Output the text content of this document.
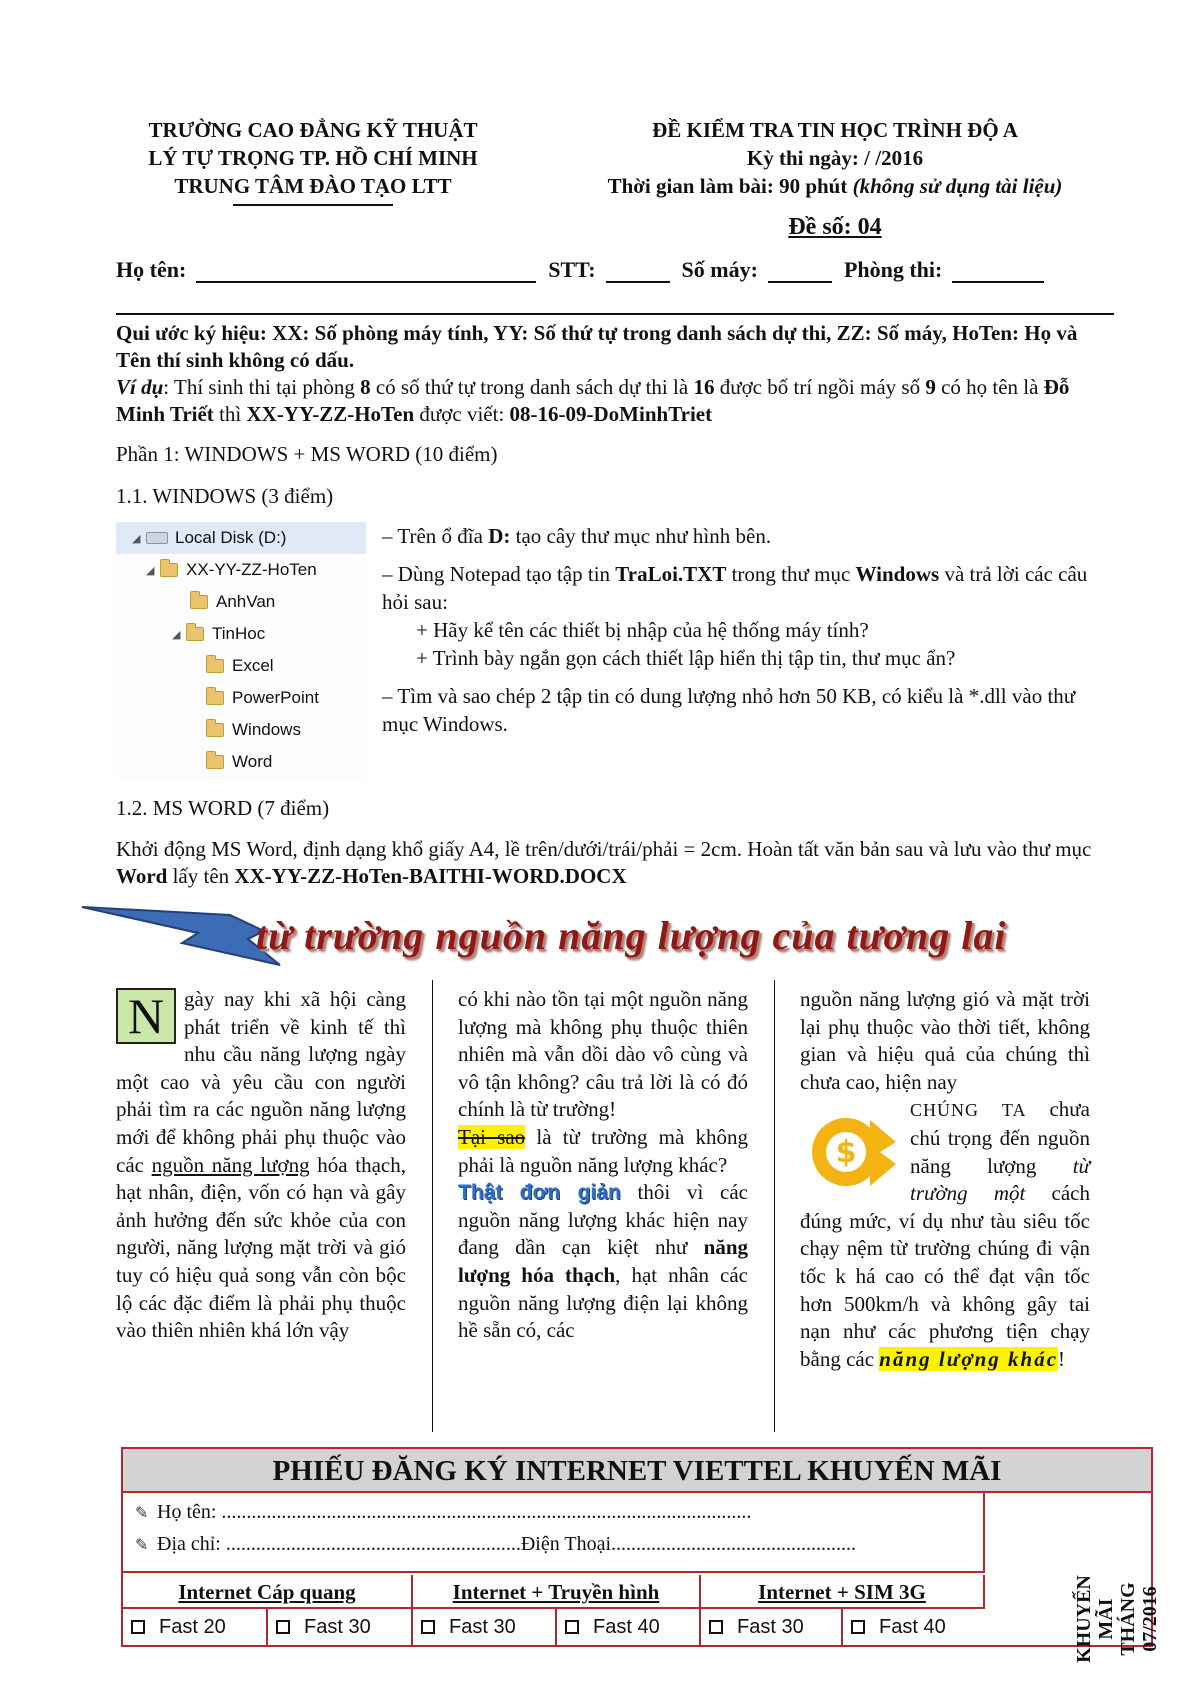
TRƯỜNG CAO ĐẲNG KỸ THUẬT
LÝ TỰ TRỌNG TP. HỒ CHÍ MINH
TRUNG TÂM ĐÀO TẠO LTT
ĐỀ KIỂM TRA TIN HỌC TRÌNH ĐỘ A
Kỳ thi ngày: / /2016
Thời gian làm bài: 90 phút (không sử dụng tài liệu)
Đề số: 04
Họ tên:	STT:	Số máy:	Phòng thi:
Qui ước ký hiệu: XX: Số phòng máy tính, YY: Số thứ tự trong danh sách dự thi, ZZ: Số máy, HoTen: Họ và Tên thí sinh không có dấu.
Ví dụ: Thí sinh thi tại phòng 8 có số thứ tự trong danh sách dự thi là 16 được bố trí ngồi máy số 9 có họ tên là Đỗ Minh Triết thì XX-YY-ZZ-HoTen được viết: 08-16-09-DoMinhTriet
Phần 1: WINDOWS + MS WORD (10 điểm)
1.1. WINDOWS (3 điểm)
◢	Local Disk (D:)
◢	XX-YY-ZZ-HoTen
AnhVan
◢	TinHoc
Excel
PowerPoint
Windows
Word

– Trên ổ đĩa D: tạo cây thư mục như hình bên.

– Dùng Notepad tạo tập tin TraLoi.TXT trong thư mục Windows và trả lời các câu hỏi sau:

+ Hãy kể tên các thiết bị nhập của hệ thống máy tính?

+ Trình bày ngắn gọn cách thiết lập hiển thị tập tin, thư mục ẩn?

– Tìm và sao chép 2 tập tin có dung lượng nhỏ hơn 50 KB, có kiểu là *.dll vào thư mục Windows.

1.2. MS WORD (7 điểm)
Khởi động MS Word, định dạng khổ giấy A4, lề trên/dưới/trái/phải = 2cm. Hoàn tất văn bản sau và lưu vào thư mục Word lấy tên XX-YY-ZZ-HoTen-BAITHI-WORD.DOCX
từ trường nguồn năng lượng của tương lai
N gày nay khi xã hội càng phát triển về kinh tế thì nhu cầu năng lượng ngày một cao và yêu cầu con người phải tìm ra các nguồn năng lượng mới để không phải phụ thuộc vào các nguồn năng lượng hóa thạch, hạt nhân, điện, vốn có hạn và gây ảnh hưởng đến sức khỏe của con người, năng lượng mặt trời và gió tuy có hiệu quả song vẫn còn bộc lộ các đặc điểm là phải phụ thuộc vào thiên nhiên khá lớn vậy
có khi nào tồn tại một nguồn năng lượng mà không phụ thuộc thiên nhiên mà vẫn dồi dào vô cùng và vô tận không? câu trả lời là có đó chính là từ trường!
Tại sao là từ trường mà không phải là nguồn năng lượng khác?
Thật đơn giản thôi vì các nguồn năng lượng khác hiện nay đang dần cạn kiệt như năng lượng hóa thạch, hạt nhân các nguồn năng lượng điện lại không hề sẵn có, các
nguồn năng lượng gió và mặt trời lại phụ thuộc vào thời tiết, không gian và hiệu quả của chúng thì chưa cao, hiện nay

$
CHÚNG TA chưa chú trọng đến nguồn năng lượng từ trường một cách đúng mức, ví dụ như tàu siêu tốc chạy nệm từ trường chúng đi vận tốc k há cao có thể đạt vận tốc hơn 500km/h và không gây tai nạn như các phương tiện chạy bằng các năng lượng khác!
PHIẾU ĐĂNG KÝ INTERNET VIETTEL KHUYẾN MÃI
✎ Họ tên: ..........................................................................................................
✎ Địa chỉ: ...........................................................Điện Thoại.................................................
KHUYẾN MÃI THÁNG 07/2016
Internet Cáp quang	Internet + Truyền hình	Internet + SIM 3G
Fast 20	Fast 30	Fast 30	Fast 40	Fast 30	Fast 40
